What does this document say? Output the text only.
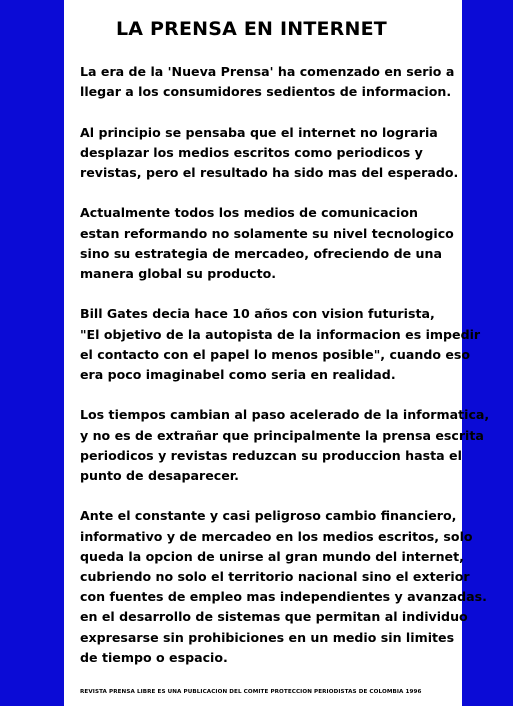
LA PRENSA EN INTERNET

La era de la 'Nueva Prensa' ha comenzado en serio a
llegar a los consumidores sedientos de informacion.

Al principio se pensaba que el internet no lograria
desplazar los medios escritos como periodicos y
revistas, pero el resultado ha sido mas del esperado.

Actualmente todos los medios de comunicacion
estan reformando no solamente su nivel tecnologico
sino su estrategia de mercadeo, ofreciendo de una
manera global su producto.

Bill Gates decia hace 10 años con vision futurista,
"El objetivo de la autopista de la informacion es impedir
el contacto con el papel lo menos posible", cuando eso
era poco imaginabel como seria en realidad.

Los tiempos cambian al paso acelerado de la informatica,
y no es de extrañar que principalmente la prensa escrita
periodicos y revistas reduzcan su produccion hasta el
punto de desaparecer.

Ante el constante y casi peligroso cambio financiero,
informativo y de mercadeo en los medios escritos, solo
queda la opcion de unirse al gran mundo del internet,
cubriendo no solo el territorio nacional sino el exterior
con fuentes de empleo mas independientes y avanzadas.
en el desarrollo de sistemas que permitan al individuo
expresarse sin prohibiciones en un medio sin limites
de tiempo o espacio.

REVISTA PRENSA LIBRE ES UNA PUBLICACION DEL COMITE PROTECCION PERIODISTAS DE COLOMBIA 1996
